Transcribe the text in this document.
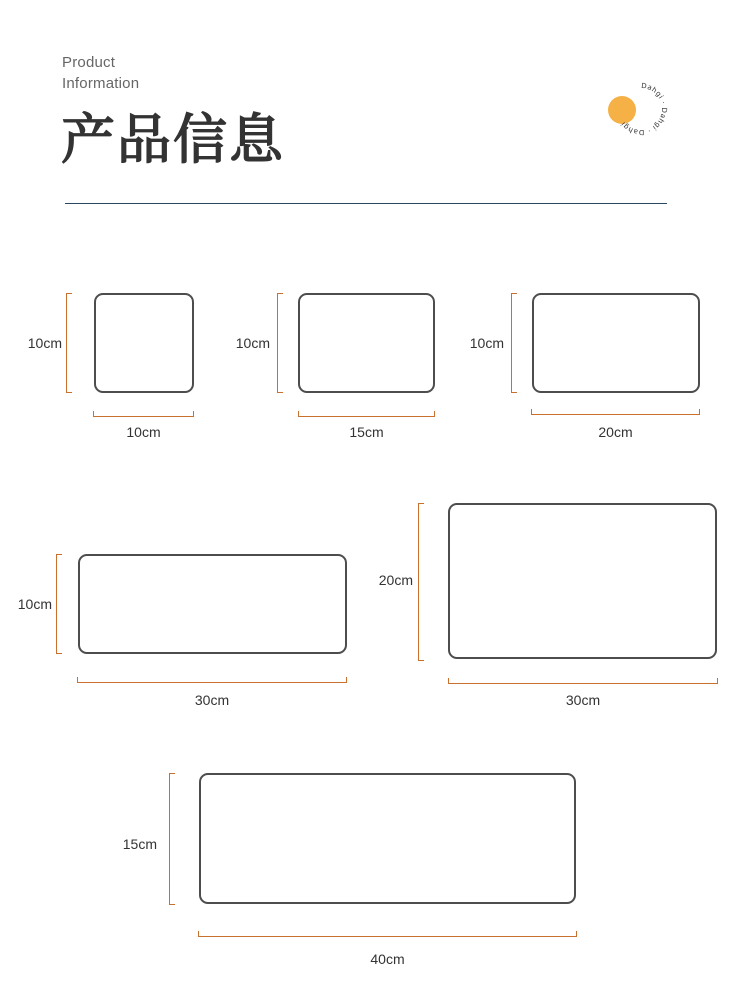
Product
Information
产品信息
Dahgi · Dahgi · Dahgi
10cm
10cm
10cm
15cm
10cm
20cm
10cm
30cm
20cm
30cm
15cm
40cm
